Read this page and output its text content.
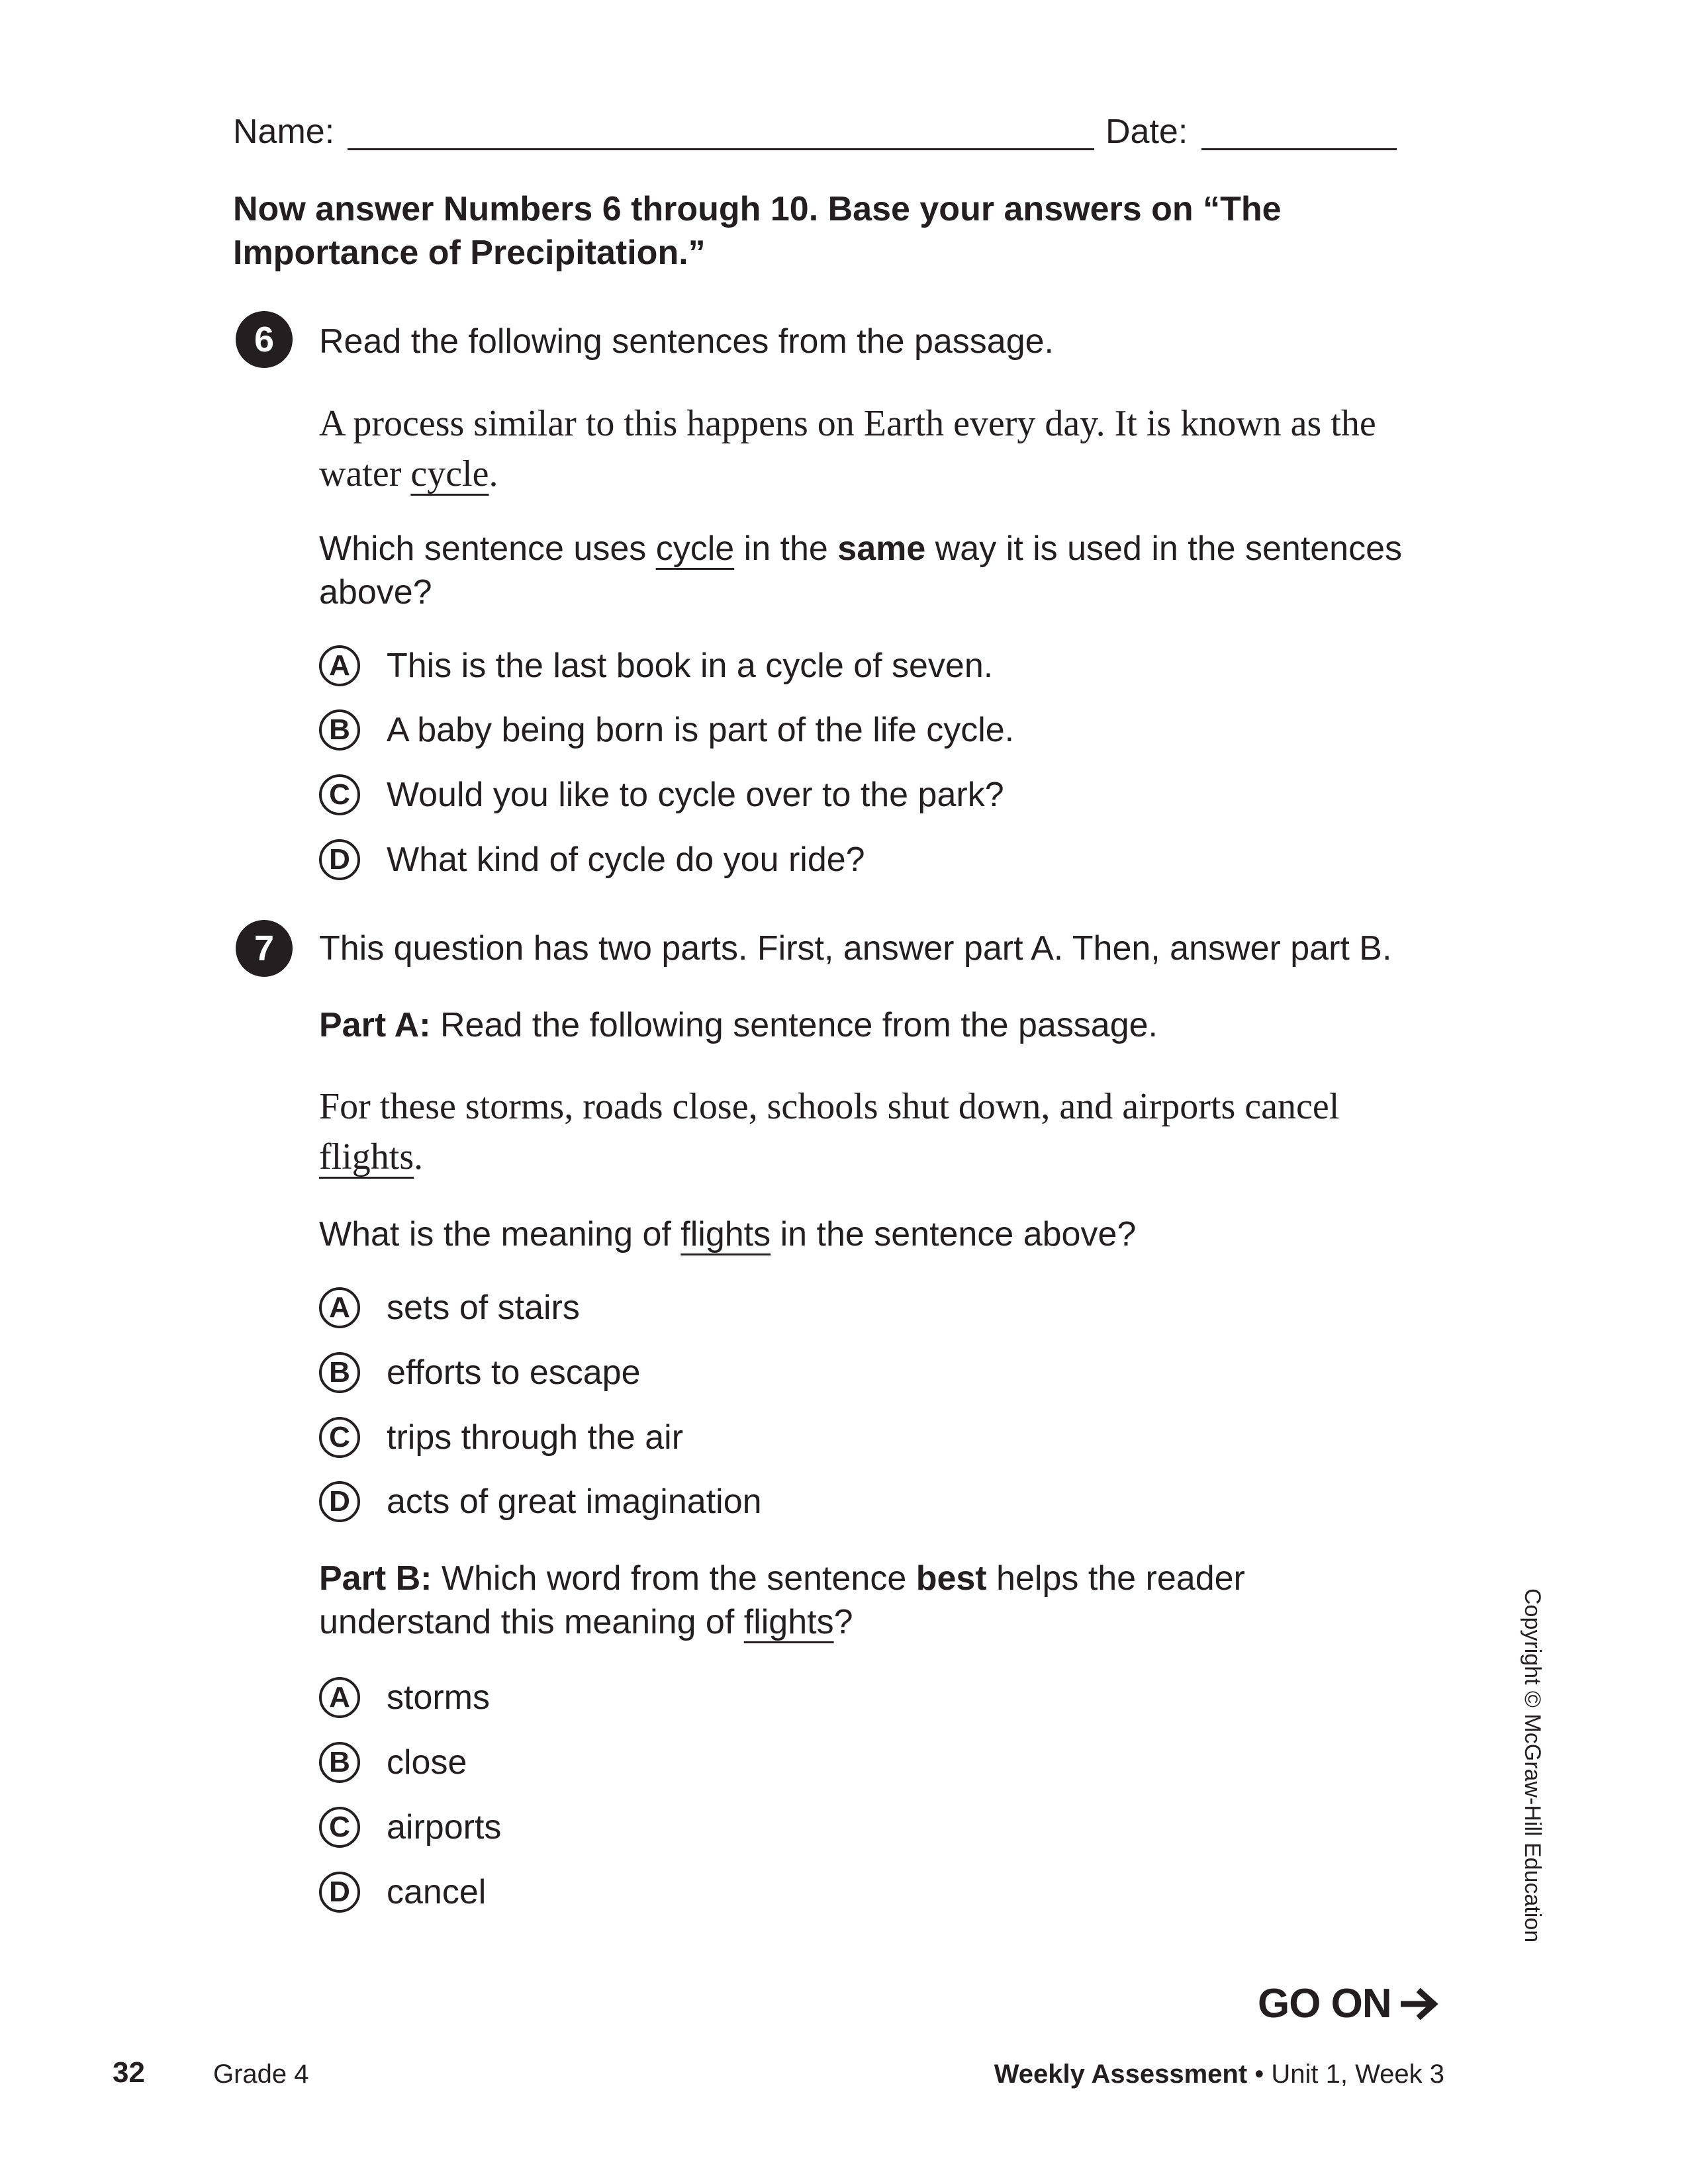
Name:	Date:
Now answer Numbers 6 through 10. Base your answers on “The Importance of Precipitation.”
6	Read the following sentences from the passage.
A process similar to this happens on Earth every day. It is known as the water cycle.
Which sentence uses cycle in the same way it is used in the sentences above?
A This is the last book in a cycle of seven.
B A baby being born is part of the life cycle.
C Would you like to cycle over to the park?
D What kind of cycle do you ride?
7	This question has two parts. First, answer part A. Then, answer part B.
Part A: Read the following sentence from the passage.
For these storms, roads close, schools shut down, and airports cancel flights.
What is the meaning of flights in the sentence above?
A sets of stairs
B efforts to escape
C trips through the air
D acts of great imagination
Part B: Which word from the sentence best helps the reader understand this meaning of flights?
A storms
B close
C airports
D cancel	Copyright © McGraw-Hill Education
GO ON
32	Grade 4	Weekly Assessment • Unit 1, Week 3
